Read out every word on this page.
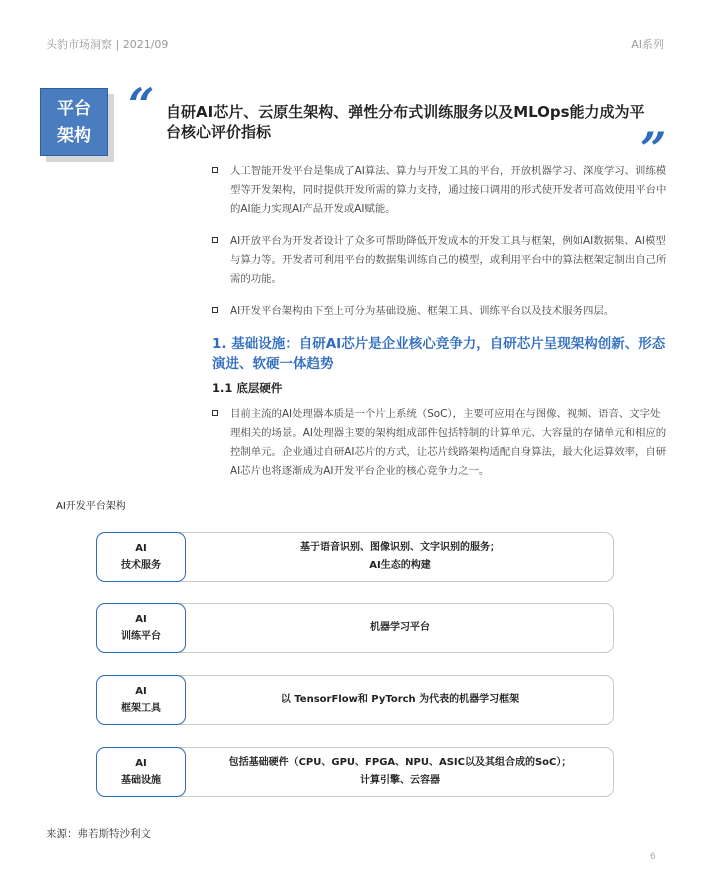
头豹市场洞察 | 2021/09	AI系列
平台
架构
“ 自研AI芯片、云原生架构、弹性分布式训练服务以及MLOps能力成为平台核心评价指标	”
人工智能开发平台是集成了AI算法、算力与开发工具的平台，开放机器学习、深度学习、训练模型等开发架构，同时提供开发所需的算力支持，通过接口调用的形式使开发者可高效使用平台中的AI能力实现AI产品开发或AI赋能。
AI开放平台为开发者设计了众多可帮助降低开发成本的开发工具与框架，例如AI数据集、AI模型与算力等。开发者可利用平台的数据集训练自己的模型，或利用平台中的算法框架定制出自己所需的功能。
AI开发平台架构由下至上可分为基础设施、框架工具、训练平台以及技术服务四层。
1. 基础设施：自研AI芯片是企业核心竞争力，自研芯片呈现架构创新、形态演进、软硬一体趋势
1.1 底层硬件
目前主流的AI处理器本质是一个片上系统（SoC），主要可应用在与图像、视频、语音、文字处理相关的场景。AI处理器主要的架构组成部件包括特制的计算单元、大容量的存储单元和相应的控制单元。企业通过自研AI芯片的方式，让芯片线路架构适配自身算法，最大化运算效率，自研AI芯片也将逐渐成为AI开发平台企业的核心竞争力之一。
AI开发平台架构
AI
技术服务
基于语音识别、图像识别、文字识别的服务；
AI生态的构建
AI
训练平台
机器学习平台
AI
框架工具
以 TensorFlow和 PyTorch 为代表的机器学习框架
AI
基础设施
包括基础硬件（CPU、GPU、FPGA、NPU、ASIC以及其组合成的SoC）；
计算引擎、云容器
来源：弗若斯特沙利文
6
